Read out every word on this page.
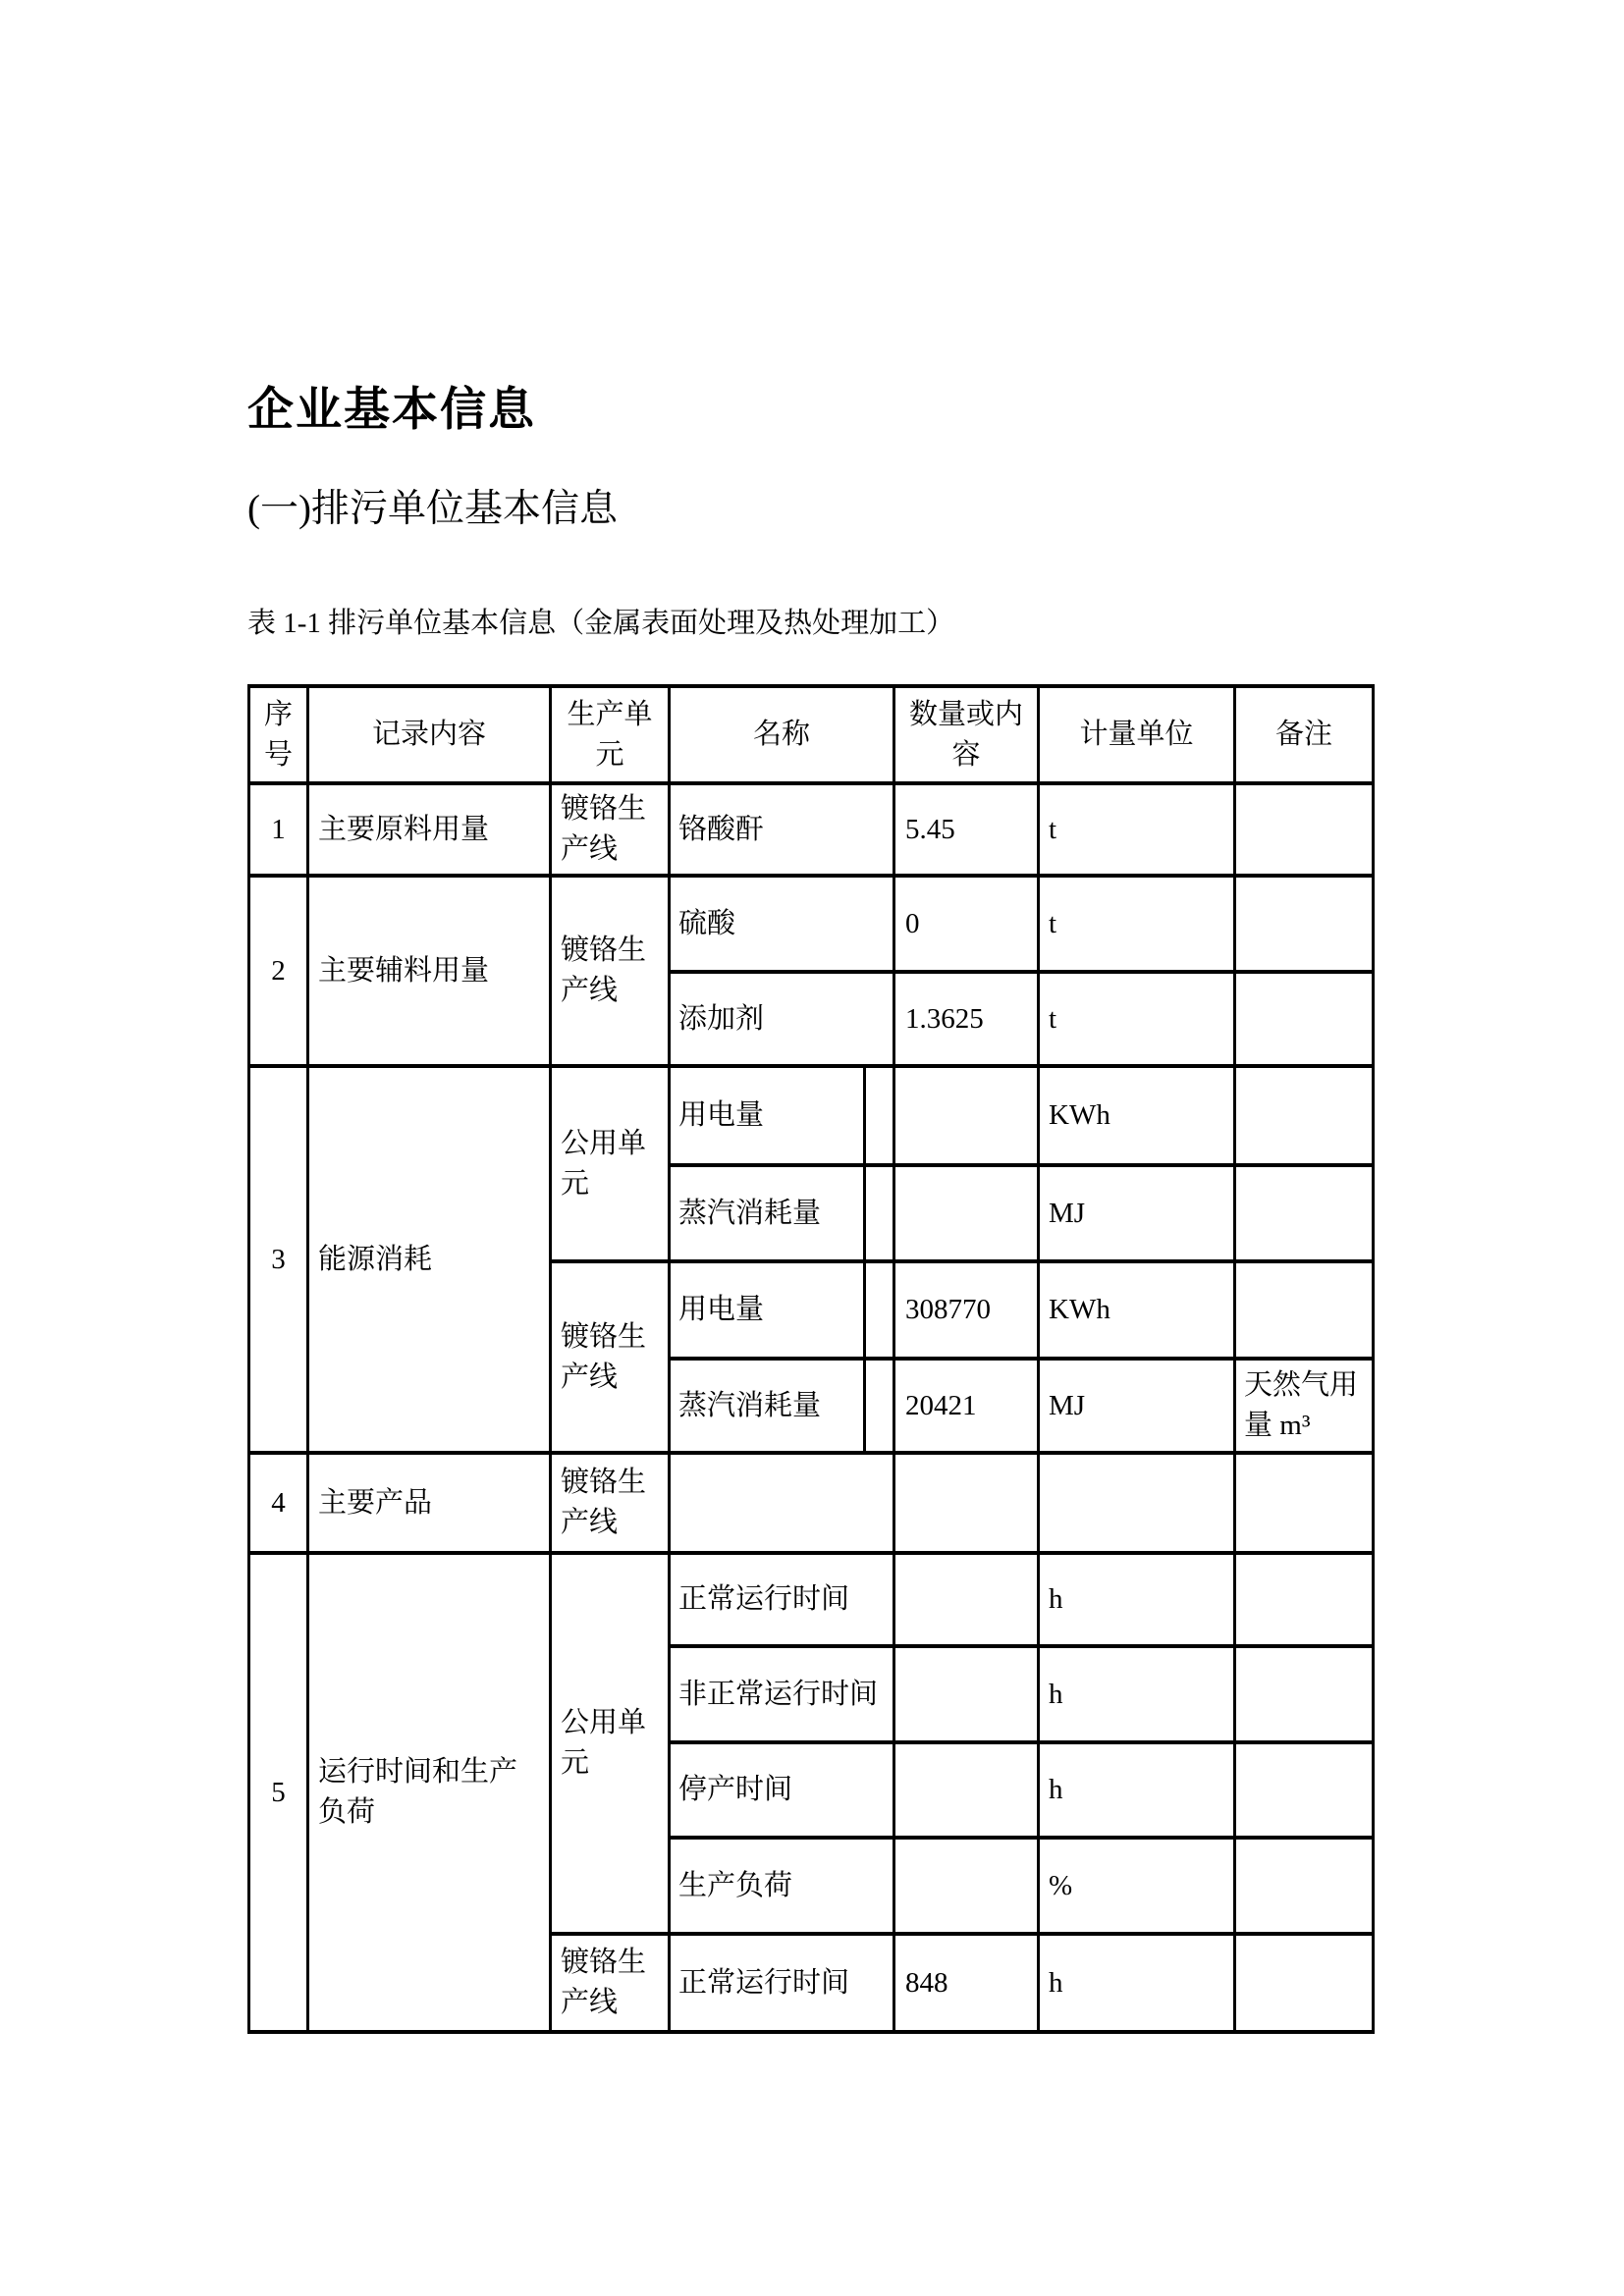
企业基本信息
(一)排污单位基本信息
表 1-1 排污单位基本信息（金属表面处理及热处理加工）
序号	记录内容	生产单元	名称		数量或内容	计量单位	备注
1	主要原料用量	镀铬生产线	铬酸酐		5.45	t	
2	主要辅料用量	镀铬生产线	硫酸		0	t	
			添加剂		1.3625	t	
3	能源消耗	公用单元	用电量			KWh	
			蒸汽消耗量			MJ	
		镀铬生产线	用电量		308770	KWh	
			蒸汽消耗量		20421	MJ	天然气用量 m³
4	主要产品	镀铬生产线					
5	运行时间和生产负荷	公用单元	正常运行时间			h	
			非正常运行时间			h	
			停产时间			h	
			生产负荷			%	
		镀铬生产线	正常运行时间		848	h	
